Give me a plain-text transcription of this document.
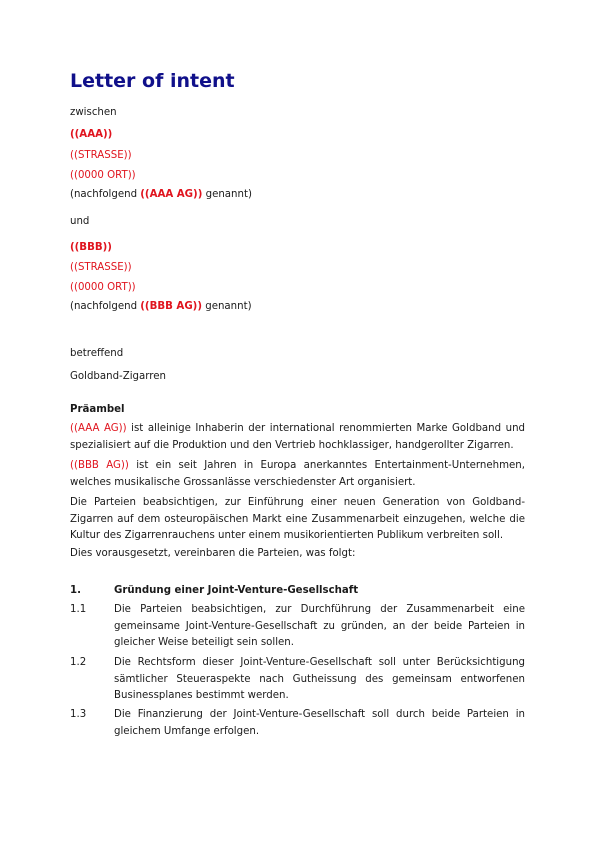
Letter of intent
zwischen
((AAA))
((STRASSE))
((0000 ORT))
(nachfolgend ((AAA AG)) genannt)
und
((BBB))
((STRASSE))
((0000 ORT))
(nachfolgend ((BBB AG)) genannt)
betreffend
Goldband-Zigarren
Präambel
((AAA AG)) ist alleinige Inhaberin der international renommierten Marke Goldband und spezialisiert auf die Produktion und den Vertrieb hochklassiger, handgerollter Zigarren.
((BBB AG)) ist ein seit Jahren in Europa anerkanntes Entertainment-Unternehmen, welches musikalische Grossanlässe verschiedenster Art organisiert.
Die Parteien beabsichtigen, zur Einführung einer neuen Generation von Goldband-Zigarren auf dem osteuropäischen Markt eine Zusammenarbeit einzugehen, welche die Kultur des Zigarrenrauchens unter einem musikorientierten Publikum verbreiten soll.
Dies vorausgesetzt, vereinbaren die Parteien, was folgt:
1.	Gründung einer Joint-Venture-Gesellschaft
1.1	Die Parteien beabsichtigen, zur Durchführung der Zusammenarbeit eine gemeinsame Joint-Venture-Gesellschaft zu gründen, an der beide Parteien in gleicher Weise beteiligt sein sollen.
1.2	Die Rechtsform dieser Joint-Venture-Gesellschaft soll unter Berücksichtigung sämtlicher Steueraspekte nach Gutheissung des gemeinsam entworfenen Businessplanes bestimmt werden.
1.3	Die Finanzierung der Joint-Venture-Gesellschaft soll durch beide Parteien in gleichem Umfange erfolgen.
